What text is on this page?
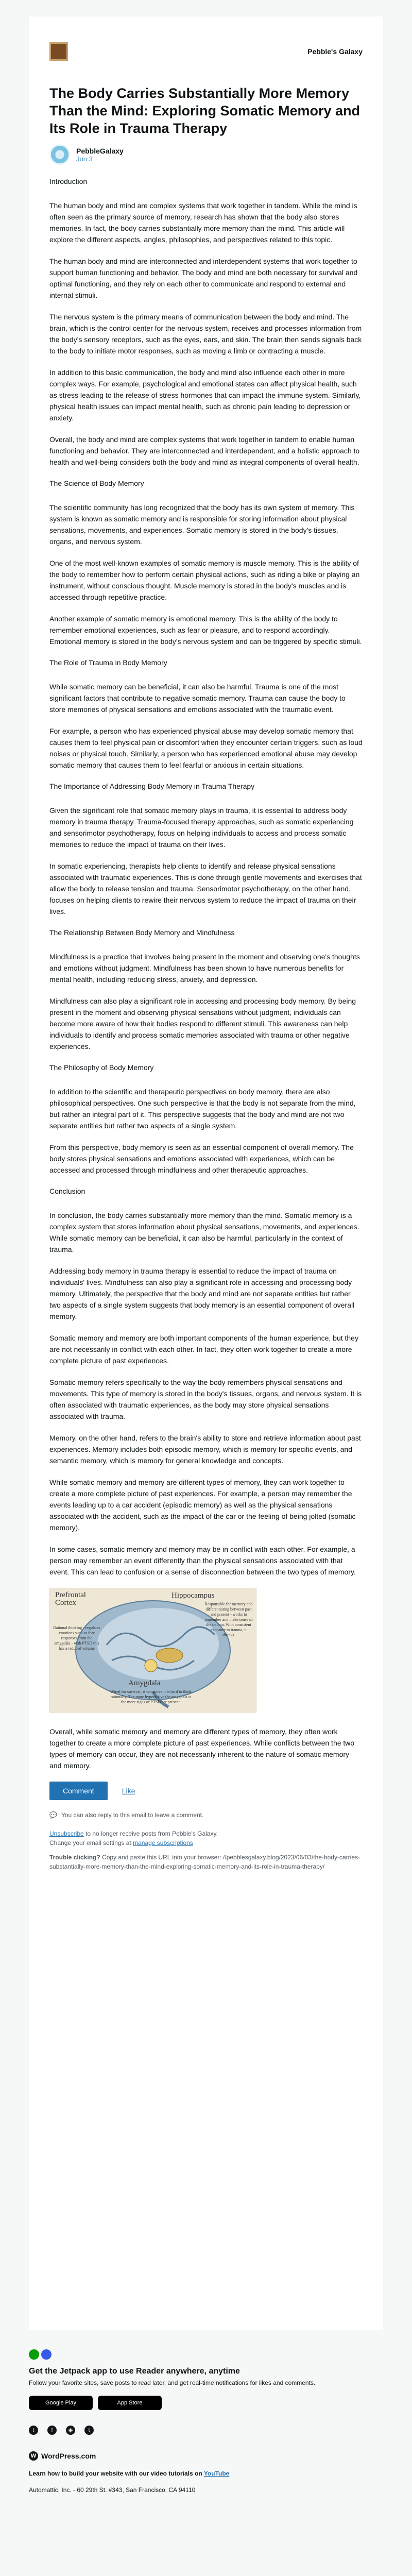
Pebble's Galaxy
The Body Carries Substantially More Memory Than the Mind: Exploring Somatic Memory and Its Role in Trauma Therapy
PebbleGalaxy
Jun 3
Introduction

The human body and mind are complex systems that work together in tandem. While the mind is often seen as the primary source of memory, research has shown that the body also stores memories. In fact, the body carries substantially more memory than the mind. This article will explore the different aspects, angles, philosophies, and perspectives related to this topic.

The human body and mind are interconnected and interdependent systems that work together to support human functioning and behavior. The body and mind are both necessary for survival and optimal functioning, and they rely on each other to communicate and respond to external and internal stimuli.

The nervous system is the primary means of communication between the body and mind. The brain, which is the control center for the nervous system, receives and processes information from the body's sensory receptors, such as the eyes, ears, and skin. The brain then sends signals back to the body to initiate motor responses, such as moving a limb or contracting a muscle.

In addition to this basic communication, the body and mind also influence each other in more complex ways. For example, psychological and emotional states can affect physical health, such as stress leading to the release of stress hormones that can impact the immune system. Similarly, physical health issues can impact mental health, such as chronic pain leading to depression or anxiety.

Overall, the body and mind are complex systems that work together in tandem to enable human functioning and behavior. They are interconnected and interdependent, and a holistic approach to health and well-being considers both the body and mind as integral components of overall health.

The Science of Body Memory

The scientific community has long recognized that the body has its own system of memory. This system is known as somatic memory and is responsible for storing information about physical sensations, movements, and experiences. Somatic memory is stored in the body's tissues, organs, and nervous system.

One of the most well-known examples of somatic memory is muscle memory. This is the ability of the body to remember how to perform certain physical actions, such as riding a bike or playing an instrument, without conscious thought. Muscle memory is stored in the body's muscles and is accessed through repetitive practice.

Another example of somatic memory is emotional memory. This is the ability of the body to remember emotional experiences, such as fear or pleasure, and to respond accordingly. Emotional memory is stored in the body's nervous system and can be triggered by specific stimuli.

The Role of Trauma in Body Memory

While somatic memory can be beneficial, it can also be harmful. Trauma is one of the most significant factors that contribute to negative somatic memory. Trauma can cause the body to store memories of physical sensations and emotions associated with the traumatic event.

For example, a person who has experienced physical abuse may develop somatic memory that causes them to feel physical pain or discomfort when they encounter certain triggers, such as loud noises or physical touch. Similarly, a person who has experienced emotional abuse may develop somatic memory that causes them to feel fearful or anxious in certain situations.

The Importance of Addressing Body Memory in Trauma Therapy

Given the significant role that somatic memory plays in trauma, it is essential to address body memory in trauma therapy. Trauma-focused therapy approaches, such as somatic experiencing and sensorimotor psychotherapy, focus on helping individuals to access and process somatic memories to reduce the impact of trauma on their lives.

In somatic experiencing, therapists help clients to identify and release physical sensations associated with traumatic experiences. This is done through gentle movements and exercises that allow the body to release tension and trauma. Sensorimotor psychotherapy, on the other hand, focuses on helping clients to rewire their nervous system to reduce the impact of trauma on their lives.

The Relationship Between Body Memory and Mindfulness

Mindfulness is a practice that involves being present in the moment and observing one's thoughts and emotions without judgment. Mindfulness has been shown to have numerous benefits for mental health, including reducing stress, anxiety, and depression.

Mindfulness can also play a significant role in accessing and processing body memory. By being present in the moment and observing physical sensations without judgment, individuals can become more aware of how their bodies respond to different stimuli. This awareness can help individuals to identify and process somatic memories associated with trauma or other negative experiences.

The Philosophy of Body Memory

In addition to the scientific and therapeutic perspectives on body memory, there are also philosophical perspectives. One such perspective is that the body is not separate from the mind, but rather an integral part of it. This perspective suggests that the body and mind are not two separate entities but rather two aspects of a single system.

From this perspective, body memory is seen as an essential component of overall memory. The body stores physical sensations and emotions associated with experiences, which can be accessed and processed through mindfulness and other therapeutic approaches.

Conclusion

In conclusion, the body carries substantially more memory than the mind. Somatic memory is a complex system that stores information about physical sensations, movements, and experiences. While somatic memory can be beneficial, it can also be harmful, particularly in the context of trauma.

Addressing body memory in trauma therapy is essential to reduce the impact of trauma on individuals' lives. Mindfulness can also play a significant role in accessing and processing body memory. Ultimately, the perspective that the body and mind are not separate entities but rather two aspects of a single system suggests that body memory is an essential component of overall memory.

Somatic memory and memory are both important components of the human experience, but they are not necessarily in conflict with each other. In fact, they often work together to create a more complete picture of past experiences.

Somatic memory refers specifically to the way the body remembers physical sensations and movements. This type of memory is stored in the body's tissues, organs, and nervous system. It is often associated with traumatic experiences, as the body may store physical sensations associated with trauma.

Memory, on the other hand, refers to the brain's ability to store and retrieve information about past experiences. Memory includes both episodic memory, which is memory for specific events, and semantic memory, which is memory for general knowledge and concepts.

While somatic memory and memory are different types of memory, they can work together to create a more complete picture of past experiences. For example, a person may remember the events leading up to a car accident (episodic memory) as well as the physical sensations associated with the accident, such as the impact of the car or the feeling of being jolted (somatic memory).

In some cases, somatic memory and memory may be in conflict with each other. For example, a person may remember an event differently than the physical sensations associated with that event. This can lead to confusion or a sense of disconnection between the two types of memory.

Prefrontal Cortex
Hippocampus
Amygdala
Rational thinking - regulates emotions such as fear responses from the amygdala - with PTSD this has a reduced volume
Responsible for memory and differentiating between past and present - works to remember and make sense of the trauma. With consistent exposure to trauma, it shrinks.
Wired for survival; when active it is hard to think rationally. The more hyperactive the amygdala is the more signs of PTSD are present.

Overall, while somatic memory and memory are different types of memory, they often work together to create a more complete picture of past experiences. While conflicts between the two types of memory can occur, they are not necessarily inherent to the nature of somatic memory and memory.

Comment	Like
💬 You can also reply to this email to leave a comment.
Unsubscribe to no longer receive posts from Pebble's Galaxy.
Change your email settings at manage subscriptions
Trouble clicking? Copy and paste this URL into your browser: //pebblesgalaxy.blog/2023/06/03/the-body-carries-substantially-more-memory-than-the-mind-exploring-somatic-memory-and-its-role-in-trauma-therapy/
Get the Jetpack app to use Reader anywhere, anytime
Follow your favorite sites, save posts to read later, and get real-time notifications for likes and comments.
Google Play	App Store
t	f	◉	t
W WordPress.com
Learn how to build your website with our video tutorials on YouTube
Automattic, Inc. - 60 29th St. #343, San Francisco, CA 94110
